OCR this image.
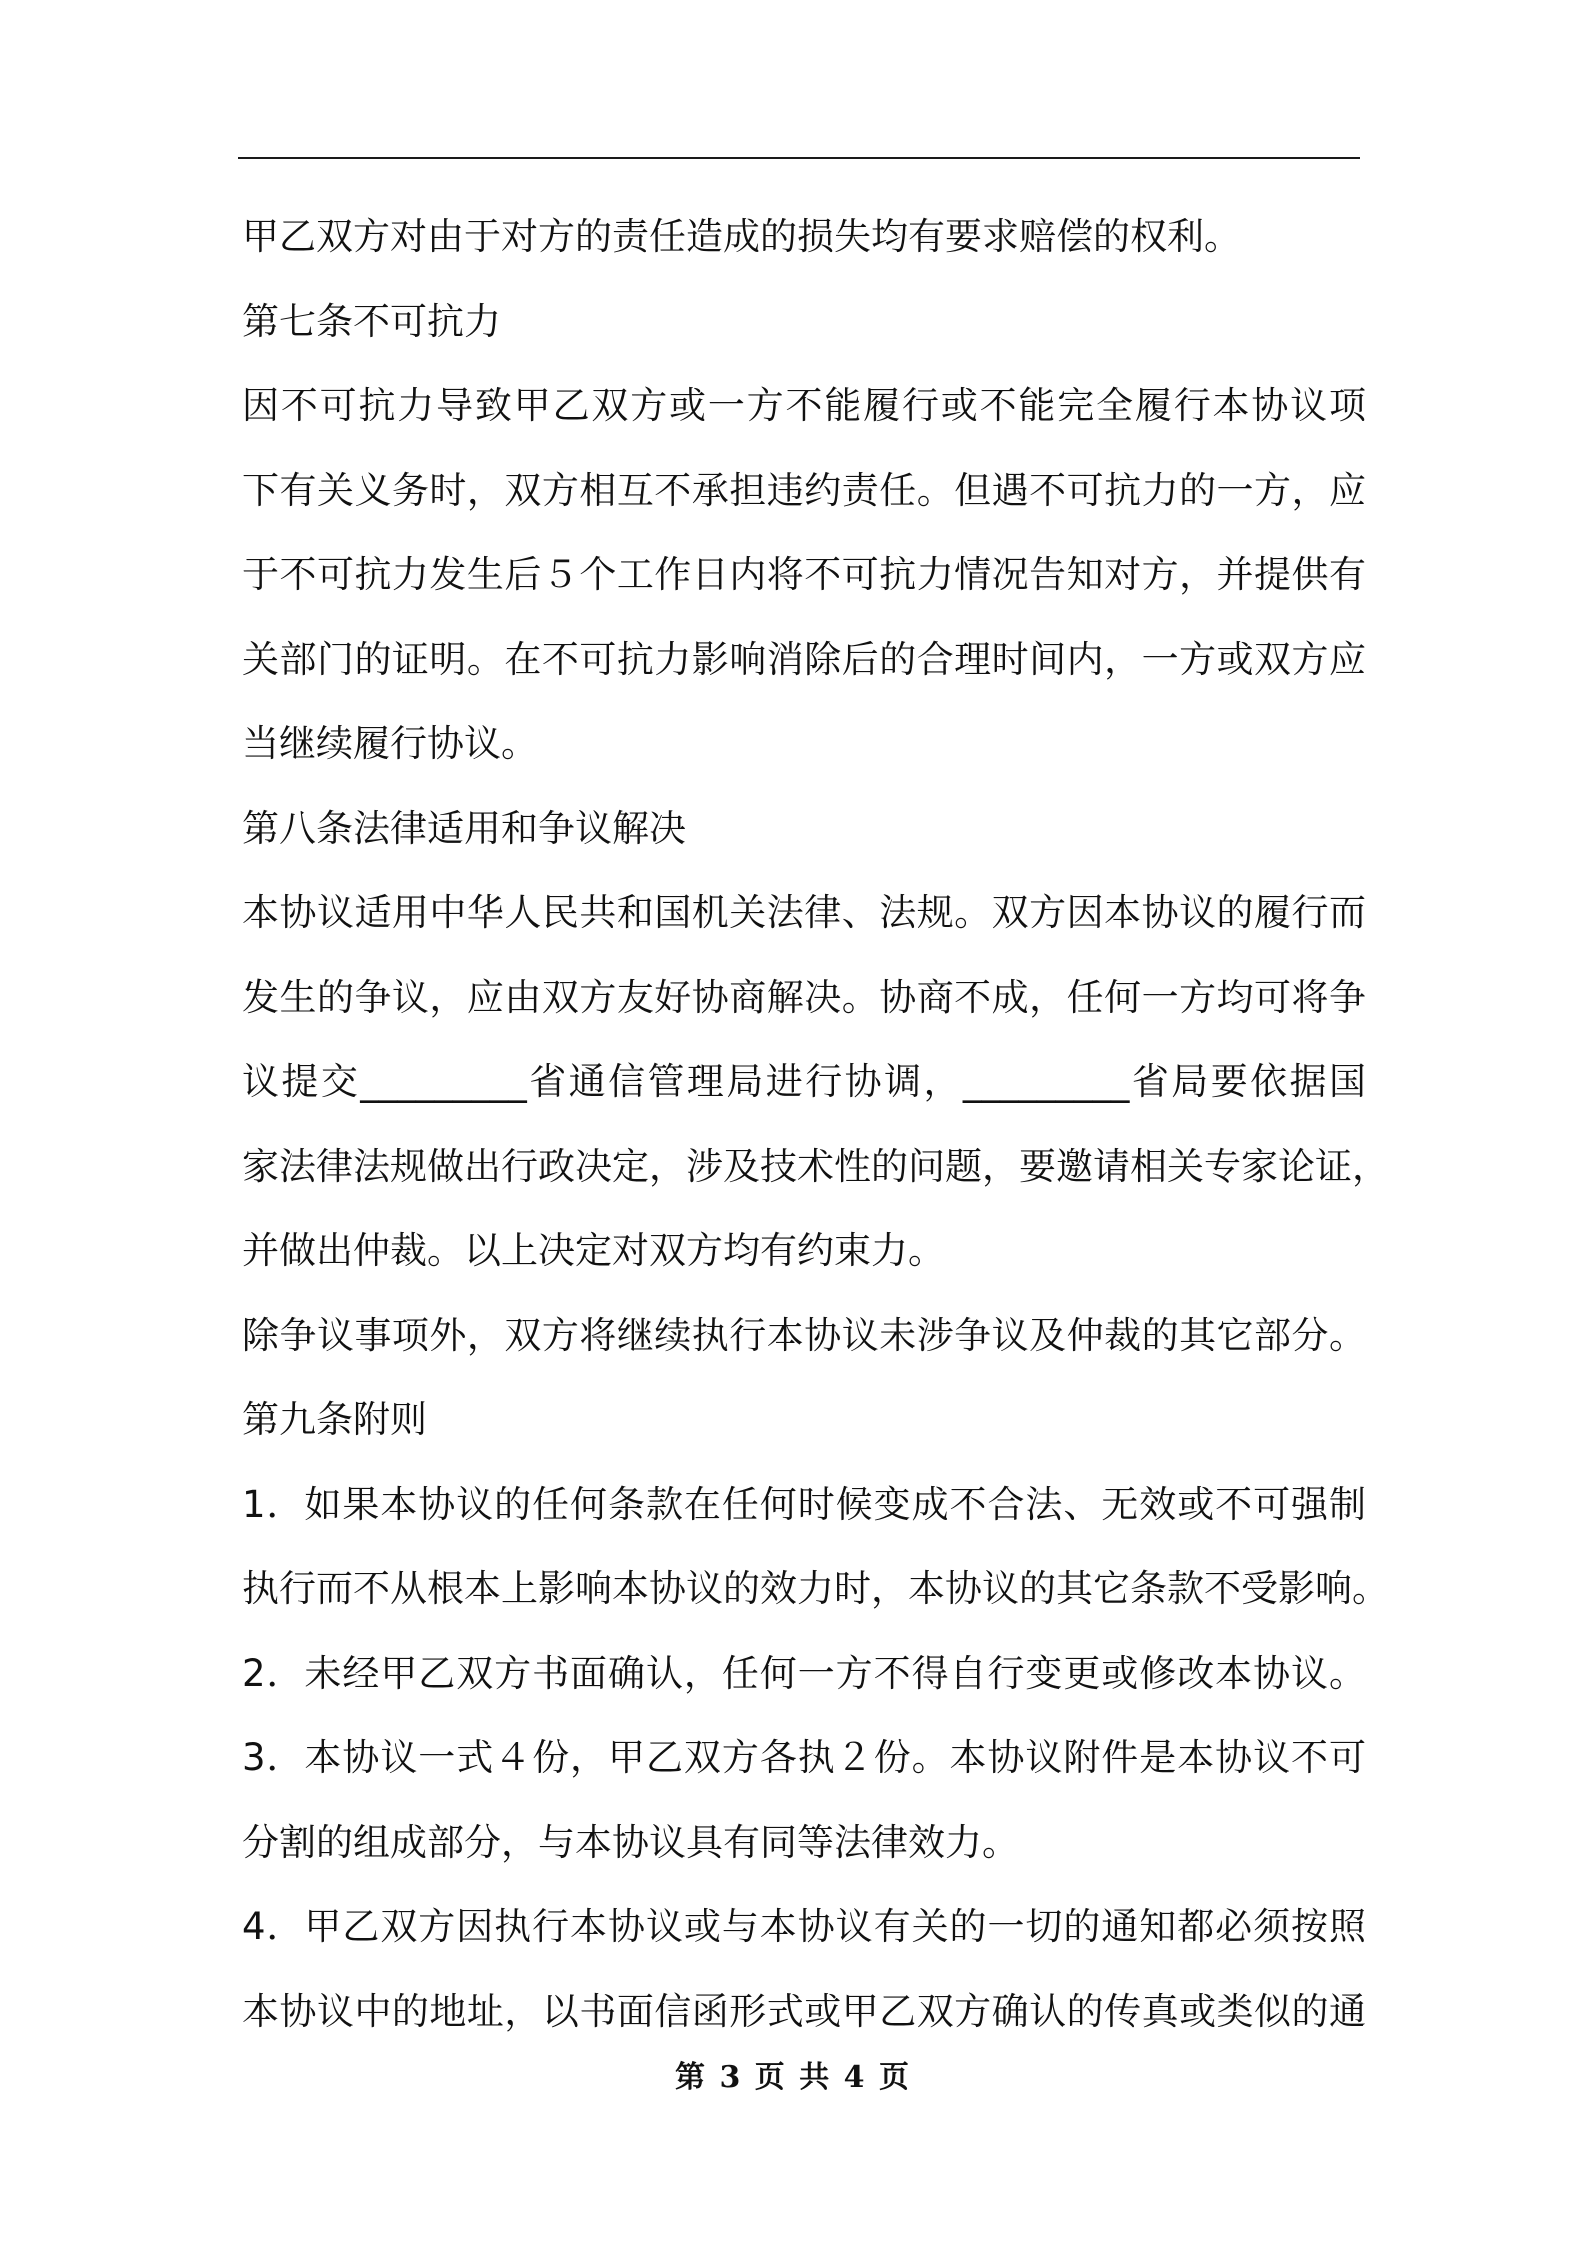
甲乙双方对由于对方的责任造成的损失均有要求赔偿的权利。
第七条不可抗力
因不可抗力导致甲乙双方或一方不能履行或不能完全履行本协议项
下有关义务时，双方相互不承担违约责任。但遇不可抗力的一方，应
于不可抗力发生后５个工作日内将不可抗力情况告知对方，并提供有
关部门的证明。在不可抗力影响消除后的合理时间内，一方或双方应
当继续履行协议。
第八条法律适用和争议解决
本协议适用中华人民共和国机关法律、法规。双方因本协议的履行而
发生的争议，应由双方友好协商解决。协商不成，任何一方均可将争
议提交_________省通信管理局进行协调，_________省局要依据国
家法律法规做出行政决定，涉及技术性的问题，要邀请相关专家论证，
并做出仲裁。以上决定对双方均有约束力。
除争议事项外，双方将继续执行本协议未涉争议及仲裁的其它部分。
第九条附则
1．如果本协议的任何条款在任何时候变成不合法、无效或不可强制
执行而不从根本上影响本协议的效力时，本协议的其它条款不受影响。
2．未经甲乙双方书面确认，任何一方不得自行变更或修改本协议。
3．本协议一式４份，甲乙双方各执２份。本协议附件是本协议不可
分割的组成部分，与本协议具有同等法律效力。
4．甲乙双方因执行本协议或与本协议有关的一切的通知都必须按照
本协议中的地址，以书面信函形式或甲乙双方确认的传真或类似的通
第 3 页 共 4 页
